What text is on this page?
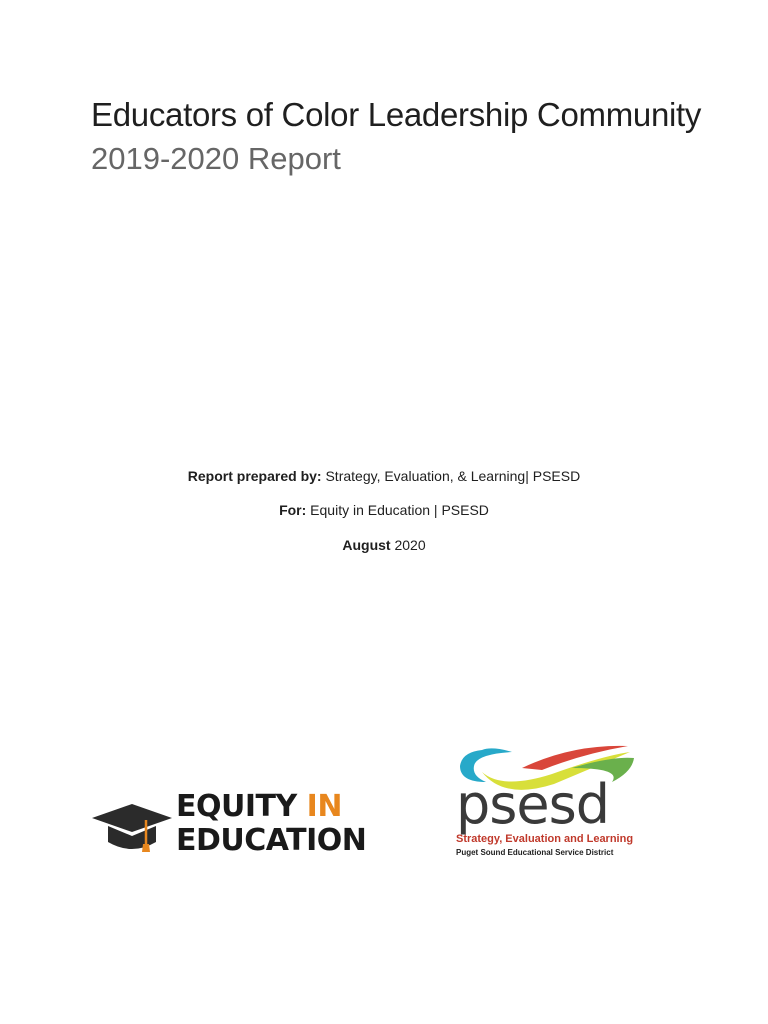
Educators of Color Leadership Community
2019-2020 Report
Report prepared by: Strategy, Evaluation, & Learning| PSESD
For: Equity in Education | PSESD
August 2020
EQUITY IN
EDUCATION
psesd
Strategy, Evaluation and Learning
Puget Sound Educational Service District
